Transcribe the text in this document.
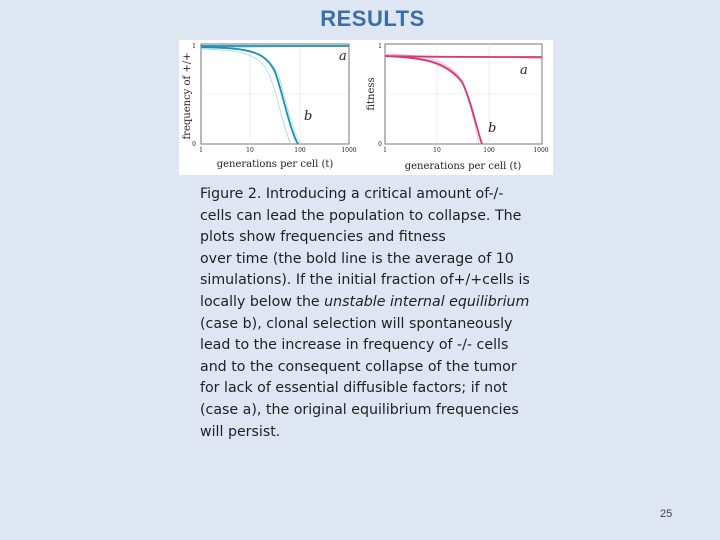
RESULTS
a
b
1
0
1	10	100	1000
generations per cell (t)
frequency of +/+	a
b
1
0
1	10	100	1000
generations per cell (t)
fitness
Figure 2. Introducing a critical amount of-/-
cells can lead the population to collapse. The
plots show frequencies and fitness
over time (the bold line is the average of 10
simulations). If the initial fraction of+/+cells is
locally below the unstable internal equilibrium
(case b), clonal selection will spontaneously
lead to the increase in frequency of -/- cells
and to the consequent collapse of the tumor
for lack of essential diffusible factors; if not
(case a), the original equilibrium frequencies
will persist.
25
